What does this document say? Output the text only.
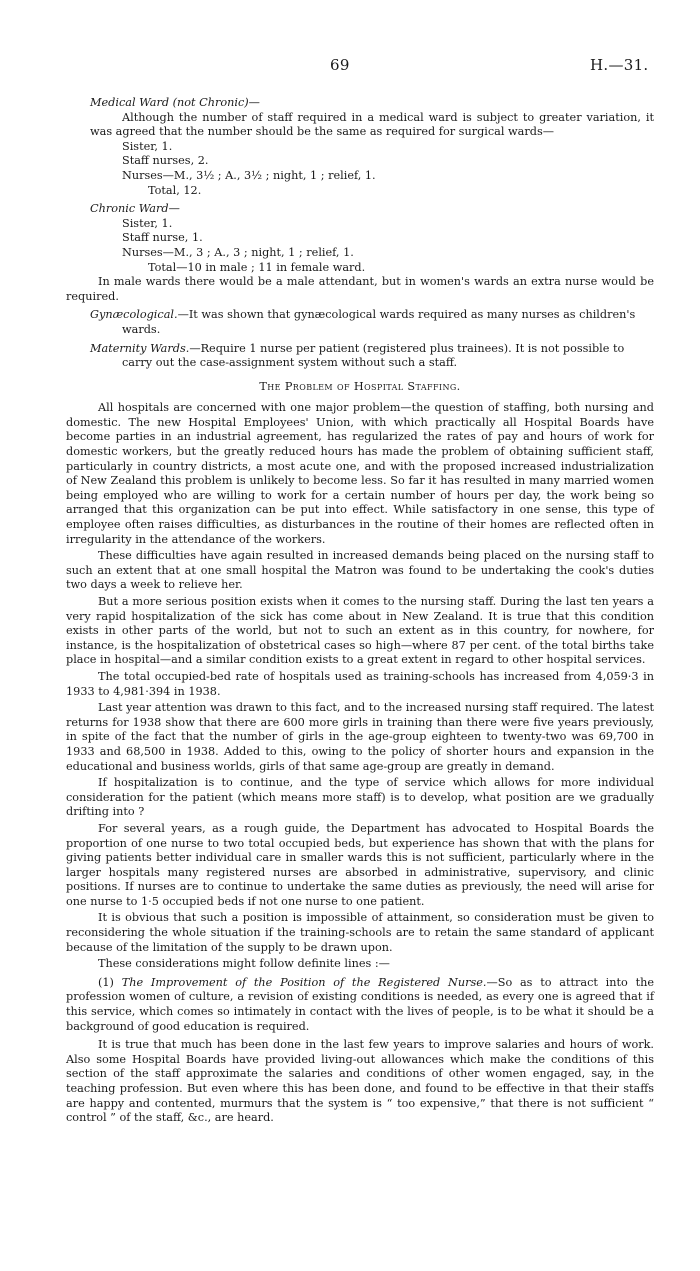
69	H.—31.

Medical Ward (not Chronic)—

Although the number of staff required in a medical ward is subject to greater variation, it was agreed that the number should be the same as required for surgical wards—

Sister, 1.

Staff nurses, 2.

Nurses—M., 3½ ; A., 3½ ; night, 1 ; relief, 1.

Total, 12.

Chronic Ward—

Sister, 1.

Staff nurse, 1.

Nurses—M., 3 ; A., 3 ; night, 1 ; relief, 1.

Total—10 in male ; 11 in female ward.

In male wards there would be a male attendant, but in women's wards an extra nurse would be required.

Gynæcological.—It was shown that gynæcological wards required as many nurses as children's wards.

Maternity Wards.—Require 1 nurse per patient (registered plus trainees). It is not possible to carry out the case-assignment system without such a staff.

The Problem of Hospital Staffing.

All hospitals are concerned with one major problem—the question of staffing, both nursing and domestic. The new Hospital Employees' Union, with which practically all Hospital Boards have become parties in an industrial agreement, has regularized the rates of pay and hours of work for domestic workers, but the greatly reduced hours has made the problem of obtaining sufficient staff, particularly in country districts, a most acute one, and with the proposed increased industrialization of New Zealand this problem is unlikely to become less. So far it has resulted in many married women being employed who are willing to work for a certain number of hours per day, the work being so arranged that this organization can be put into effect. While satisfactory in one sense, this type of employee often raises difficulties, as disturbances in the routine of their homes are reflected often in irregularity in the attendance of the workers.

These difficulties have again resulted in increased demands being placed on the nursing staff to such an extent that at one small hospital the Matron was found to be undertaking the cook's duties two days a week to relieve her.

But a more serious position exists when it comes to the nursing staff. During the last ten years a very rapid hospitalization of the sick has come about in New Zealand. It is true that this condition exists in other parts of the world, but not to such an extent as in this country, for nowhere, for instance, is the hospitalization of obstetrical cases so high—where 87 per cent. of the total births take place in hospital—and a similar condition exists to a great extent in regard to other hospital services.

The total occupied-bed rate of hospitals used as training-schools has increased from 4,059·3 in 1933 to 4,981·394 in 1938.

Last year attention was drawn to this fact, and to the increased nursing staff required. The latest returns for 1938 show that there are 600 more girls in training than there were five years previously, in spite of the fact that the number of girls in the age-group eighteen to twenty-two was 69,700 in 1933 and 68,500 in 1938. Added to this, owing to the policy of shorter hours and expansion in the educational and business worlds, girls of that same age-group are greatly in demand.

If hospitalization is to continue, and the type of service which allows for more individual consideration for the patient (which means more staff) is to develop, what position are we gradually drifting into ?

For several years, as a rough guide, the Department has advocated to Hospital Boards the proportion of one nurse to two total occupied beds, but experience has shown that with the plans for giving patients better individual care in smaller wards this is not sufficient, particularly where in the larger hospitals many registered nurses are absorbed in administrative, supervisory, and clinic positions. If nurses are to continue to undertake the same duties as previously, the need will arise for one nurse to 1·5 occupied beds if not one nurse to one patient.

It is obvious that such a position is impossible of attainment, so consideration must be given to reconsidering the whole situation if the training-schools are to retain the same standard of applicant because of the limitation of the supply to be drawn upon.

These considerations might follow definite lines :—

(1) The Improvement of the Position of the Registered Nurse.—So as to attract into the profession women of culture, a revision of existing conditions is needed, as every one is agreed that if this service, which comes so intimately in contact with the lives of people, is to be what it should be a background of good education is required.

It is true that much has been done in the last few years to improve salaries and hours of work. Also some Hospital Boards have provided living-out allowances which make the conditions of this section of the staff approximate the salaries and conditions of other women engaged, say, in the teaching profession. But even where this has been done, and found to be effective in that their staffs are happy and contented, murmurs that the system is “ too expensive,” that there is not sufficient “ control ” of the staff, &c., are heard.
